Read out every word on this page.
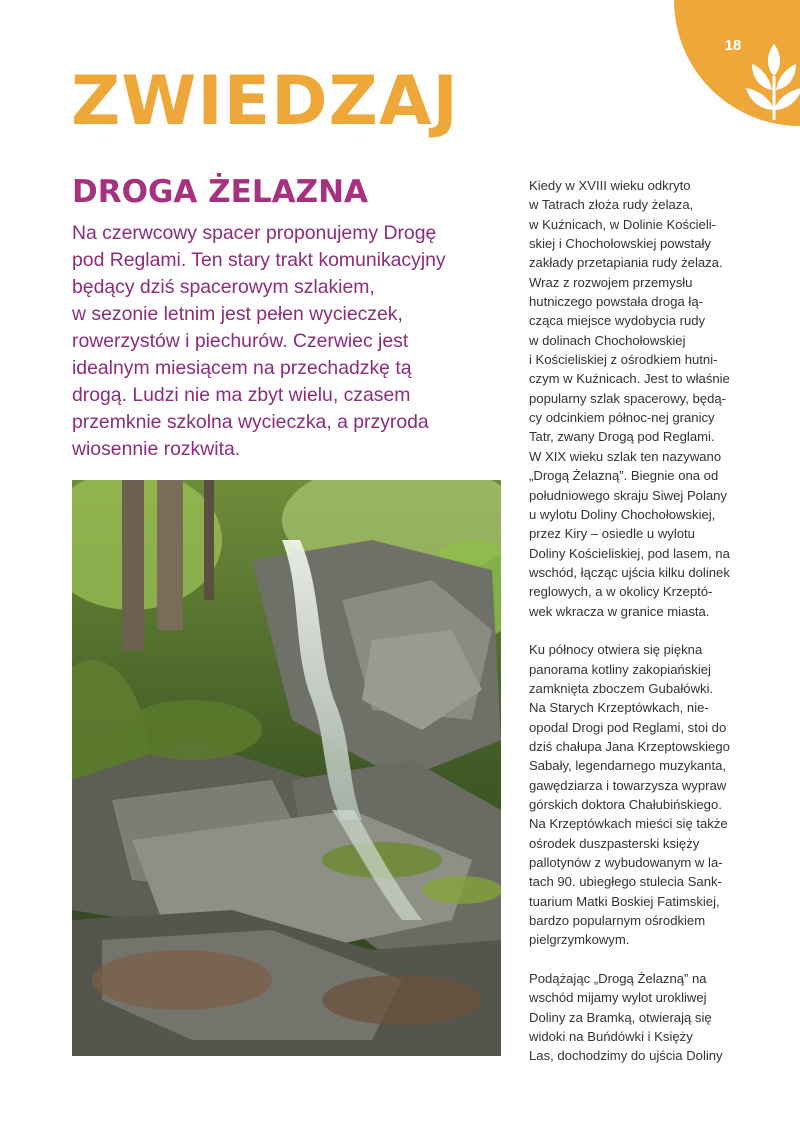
18
ZWIEDZAJ
DROGA ŻELAZNA

Na czerwcowy spacer proponujemy Drogę
pod Reglami. Ten stary trakt komunikacyjny
będący dziś spacerowym szlakiem,
w sezonie letnim jest pełen wycieczek,
rowerzystów i piechurów. Czerwiec jest
idealnym miesiącem na przechadzkę tą
drogą. Ludzi nie ma zbyt wielu, czasem
przemknie szkolna wycieczka, a przyroda
wiosennie rozkwita.

Kiedy w XVIII wieku odkryto
w Tatrach złoża rudy żelaza,
w Kuźnicach, w Dolinie Kościeli-
skiej i Chochołowskiej powstały
zakłady przetapiania rudy żelaza.
Wraz z rozwojem przemysłu
hutniczego powstała droga łą-
cząca miejsce wydobycia rudy
w dolinach Chochołowskiej
i Kościeliskiej z ośrodkiem hutni-
czym w Kuźnicach. Jest to właśnie
popularny szlak spacerowy, będą-
cy odcinkiem północ-nej granicy
Tatr, zwany Drogą pod Reglami.
W XIX wieku szlak ten nazywano
„Drogą Żelazną”. Biegnie ona od
południowego skraju Siwej Polany
u wylotu Doliny Chochołowskiej,
przez Kiry – osiedle u wylotu
Doliny Kościeliskiej, pod lasem, na
wschód, łącząc ujścia kilku dolinek
reglowych, a w okolicy Krzeptó-
wek wkracza w granice miasta.

Ku północy otwiera się piękna
panorama kotliny zakopiańskiej
zamknięta zboczem Gubałówki.
Na Starych Krzeptówkach, nie-
opodal Drogi pod Reglami, stoi do
dziś chałupa Jana Krzeptowskiego
Sabały, legendarnego muzykanta,
gawędziarza i towarzysza wypraw
górskich doktora Chałubińskiego.
Na Krzeptówkach mieści się także
ośrodek duszpasterski księży
pallotynów z wybudowanym w la-
tach 90. ubiegłego stulecia Sank-
tuarium Matki Boskiej Fatimskiej,
bardzo popularnym ośrodkiem
pielgrzymkowym.

Podążając „Drogą Żelazną” na
wschód mijamy wylot urokliwej
Doliny za Bramką, otwierają się
widoki na Buńdówki i Księży
Las, dochodzimy do ujścia Doliny
